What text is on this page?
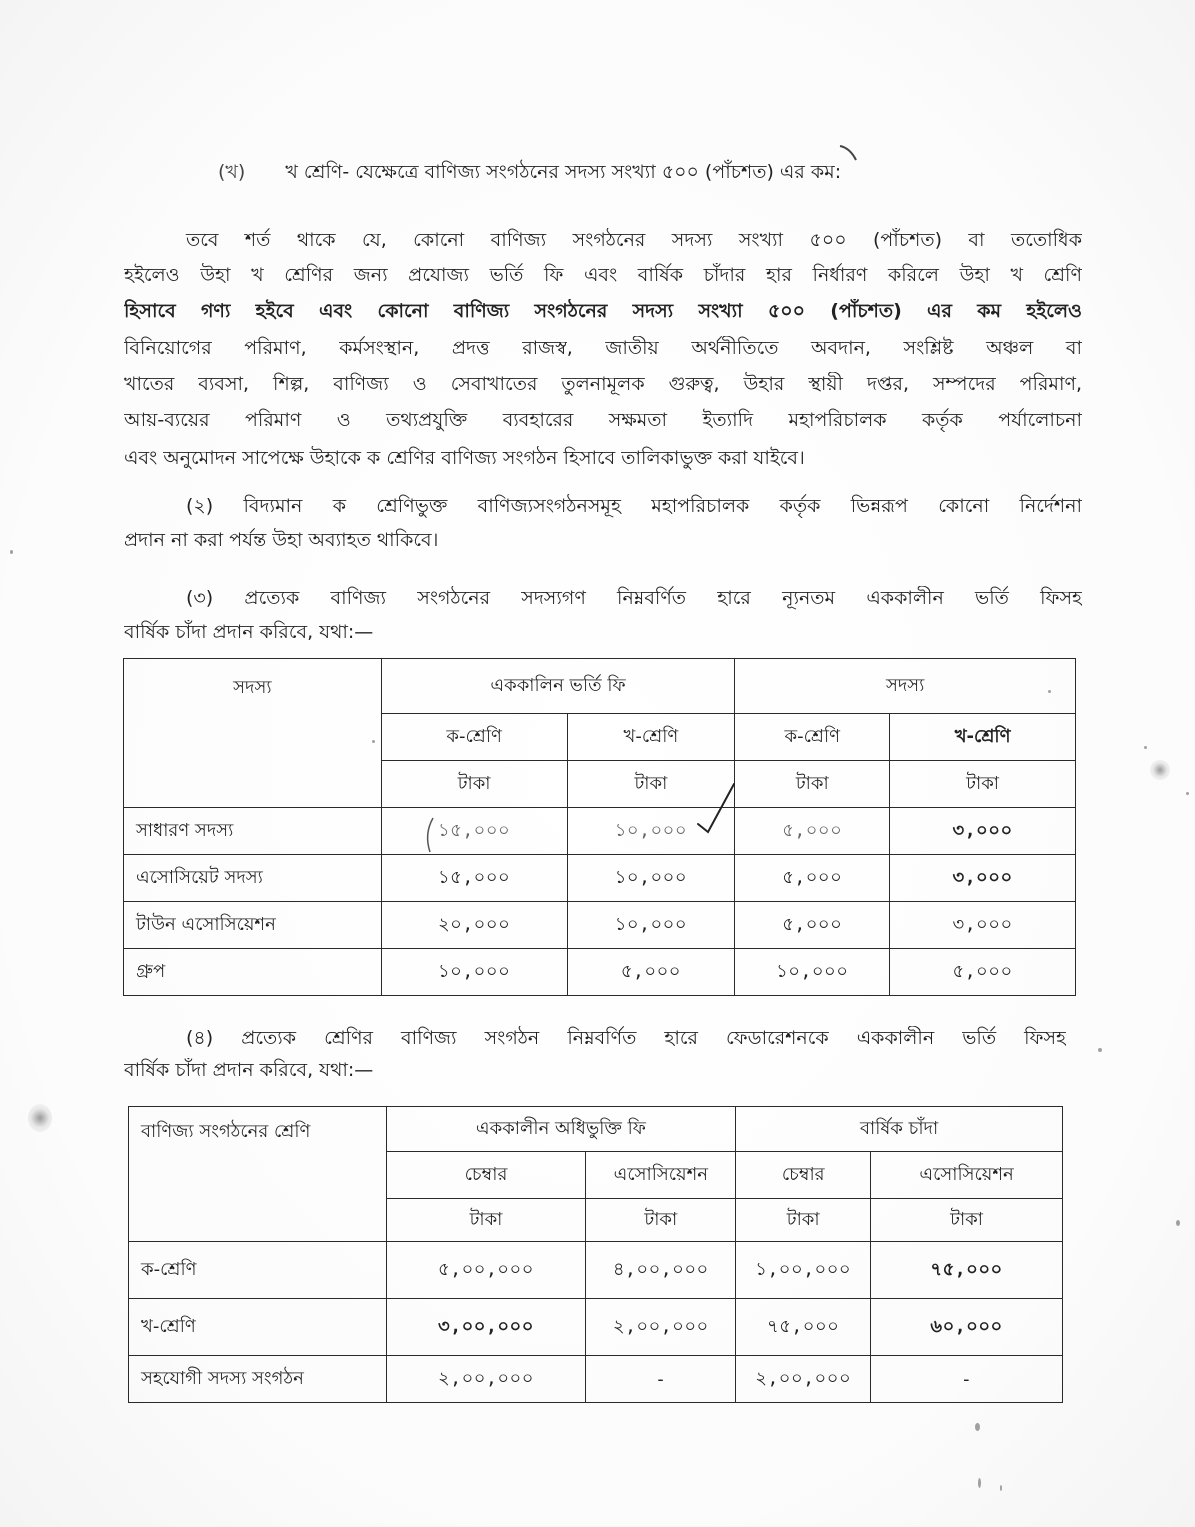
(খ) খ শ্রেণি- যেক্ষেত্রে বাণিজ্য সংগঠনের সদস্য সংখ্যা ৫০০ (পাঁচশত) এর কম:
তবে শর্ত থাকে যে, কোনো বাণিজ্য সংগঠনের সদস্য সংখ্যা ৫০০ (পাঁচশত) বা ততোধিক
হইলেও উহা খ শ্রেণির জন্য প্রযোজ্য ভর্তি ফি এবং বার্ষিক চাঁদার হার নির্ধারণ করিলে উহা খ শ্রেণি
হিসাবে গণ্য হইবে এবং কোনো বাণিজ্য সংগঠনের সদস্য সংখ্যা ৫০০ (পাঁচশত) এর কম হইলেও
বিনিয়োগের পরিমাণ, কর্মসংস্থান, প্রদত্ত রাজস্ব, জাতীয় অর্থনীতিতে অবদান, সংশ্লিষ্ট অঞ্চল বা
খাতের ব্যবসা, শিল্প, বাণিজ্য ও সেবাখাতের তুলনামূলক গুরুত্ব, উহার স্থায়ী দপ্তর, সম্পদের পরিমাণ,
আয়-ব্যয়ের পরিমাণ ও তথ্যপ্রযুক্তি ব্যবহারের সক্ষমতা ইত্যাদি মহাপরিচালক কর্তৃক পর্যালোচনা
এবং অনুমোদন সাপেক্ষে উহাকে ক শ্রেণির বাণিজ্য সংগঠন হিসাবে তালিকাভুক্ত করা যাইবে।
(২) বিদ্যমান ক শ্রেণিভুক্ত বাণিজ্যসংগঠনসমূহ মহাপরিচালক কর্তৃক ভিন্নরূপ কোনো নির্দেশনা
প্রদান না করা পর্যন্ত উহা অব্যাহত থাকিবে।
(৩) প্রত্যেক বাণিজ্য সংগঠনের সদস্যগণ নিম্নবর্ণিত হারে ন্যূনতম এককালীন ভর্তি ফিসহ
বার্ষিক চাঁদা প্রদান করিবে, যথা:—
সদস্য	এককালিন ভর্তি ফি		সদস্য	
	ক-শ্রেণি	খ-শ্রেণি	ক-শ্রেণি	খ-শ্রেণি
	টাকা	টাকা	টাকা	টাকা
সাধারণ সদস্য	১৫,০০০	১০,০০০	৫,০০০	৩,০০০
এসোসিয়েট সদস্য	১৫,০০০	১০,০০০	৫,০০০	৩,০০০
টাউন এসোসিয়েশন	২০,০০০	১০,০০০	৫,০০০	৩,০০০
গ্রুপ	১০,০০০	৫,০০০	১০,০০০	৫,০০০
(৪) প্রত্যেক শ্রেণির বাণিজ্য সংগঠন নিম্নবর্ণিত হারে ফেডারেশনকে এককালীন ভর্তি ফিসহ
বার্ষিক চাঁদা প্রদান করিবে, যথা:—
বাণিজ্য সংগঠনের শ্রেণি	এককালীন অধিভুক্তি ফি		বার্ষিক চাঁদা	
	চেম্বার	এসোসিয়েশন	চেম্বার	এসোসিয়েশন
	টাকা	টাকা	টাকা	টাকা
ক-শ্রেণি	৫,০০,০০০	৪,০০,০০০	১,০০,০০০	৭৫,০০০
খ-শ্রেণি	৩,০০,০০০	২,০০,০০০	৭৫,০০০	৬০,০০০
সহযোগী সদস্য সংগঠন	২,০০,০০০	-	২,০০,০০০	-
